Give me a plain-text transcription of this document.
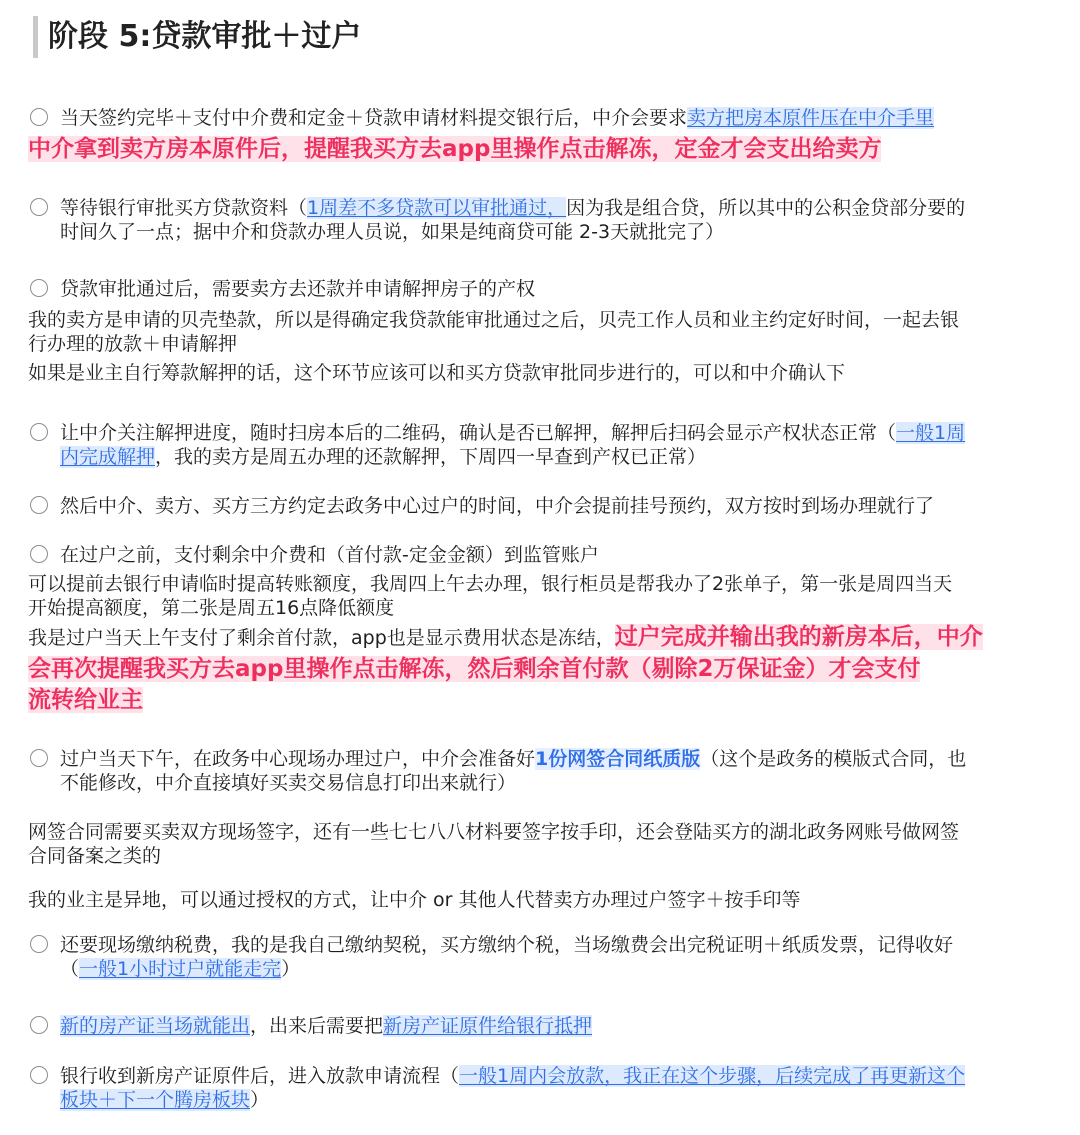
阶段 5:贷款审批＋过户

当天签约完毕＋支付中介费和定金＋贷款申请材料提交银行后，中介会要求卖方把房本原件压在中介手里

中介拿到卖方房本原件后，提醒我买方去app里操作点击解冻，定金才会支出给卖方

等待银行审批买方贷款资料（1周差不多贷款可以审批通过，因为我是组合贷，所以其中的公积金贷部分要的

时间久了一点；据中介和贷款办理人员说，如果是纯商贷可能 2-3天就批完了）

贷款审批通过后，需要卖方去还款并申请解押房子的产权

我的卖方是申请的贝壳垫款，所以是得确定我贷款能审批通过之后，贝壳工作人员和业主约定好时间，一起去银

行办理的放款＋申请解押

如果是业主自行筹款解押的话，这个环节应该可以和买方贷款审批同步进行的，可以和中介确认下

让中介关注解押进度，随时扫房本后的二维码，确认是否已解押，解押后扫码会显示产权状态正常（一般1周

内完成解押，我的卖方是周五办理的还款解押，下周四一早查到产权已正常）

然后中介、卖方、买方三方约定去政务中心过户的时间，中介会提前挂号预约，双方按时到场办理就行了

在过户之前，支付剩余中介费和（首付款-定金金额）到监管账户

可以提前去银行申请临时提高转账额度，我周四上午去办理，银行柜员是帮我办了2张单子，第一张是周四当天

开始提高额度，第二张是周五16点降低额度

我是过户当天上午支付了剩余首付款，app也是显示费用状态是冻结，过户完成并输出我的新房本后，中介

会再次提醒我买方去app里操作点击解冻，然后剩余首付款（剔除2万保证金）才会支付

流转给业主

过户当天下午，在政务中心现场办理过户，中介会准备好1份网签合同纸质版（这个是政务的模版式合同，也

不能修改，中介直接填好买卖交易信息打印出来就行）

网签合同需要买卖双方现场签字，还有一些七七八八材料要签字按手印，还会登陆买方的湖北政务网账号做网签

合同备案之类的

我的业主是异地，可以通过授权的方式，让中介 or 其他人代替卖方办理过户签字＋按手印等

还要现场缴纳税费，我的是我自己缴纳契税，买方缴纳个税，当场缴费会出完税证明＋纸质发票，记得收好

（一般1小时过户就能走完）

新的房产证当场就能出，出来后需要把新房产证原件给银行抵押

银行收到新房产证原件后，进入放款申请流程（一般1周内会放款，我正在这个步骤，后续完成了再更新这个

板块＋下一个腾房板块）
